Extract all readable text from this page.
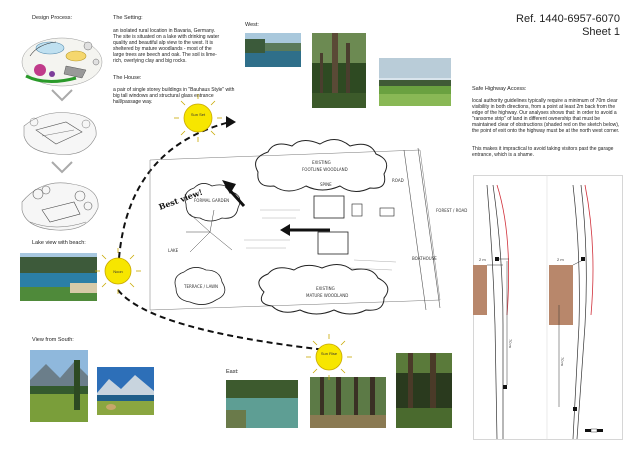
Ref. 1440-6957-6070
Sheet 1
Design Process:	The Setting:
an isolated rural location in Bavaria, Germany. The site is situated on a lake with drinking water quality and beautiful alp view to the west. It is sheltered by mature woodlands - most of the large trees are beech and oak. The soil is lime-rich, overlying clay and big rocks.
The House:
a pair of single storey buildings in "Bauhaus Style" with big tall windows and structural glass entrance hall/passage way.
West:
Lake view with beach:
View from South:
East:
Safe Highway Access:
local authority guidelines typically require a minimum of 70m clear visibility in both directions, from a point at least 2m back from the edge of the highway. Our analyses shows that: in order to avoid a "ransome strip" of land in different ownership that must be maintained clear of obstructions (shaded red on the sketch below), the point of exit onto the highway must be at the north west corner.
This makes it impractical to avoid taking visitors past the garage entrance, which is a shame.
EXISTING
FOOTLINE WOODLAND
EXISTING
MATURE WOODLAND
FORMAL GARDEN
TERRACE / LAWN
SPINE
ROAD
FOREST / ROAD
BOATHOUSE
LAKE
Best view!
Sun Set
Noon
Sun Rise
2 m
70 m
2 m
70 m
